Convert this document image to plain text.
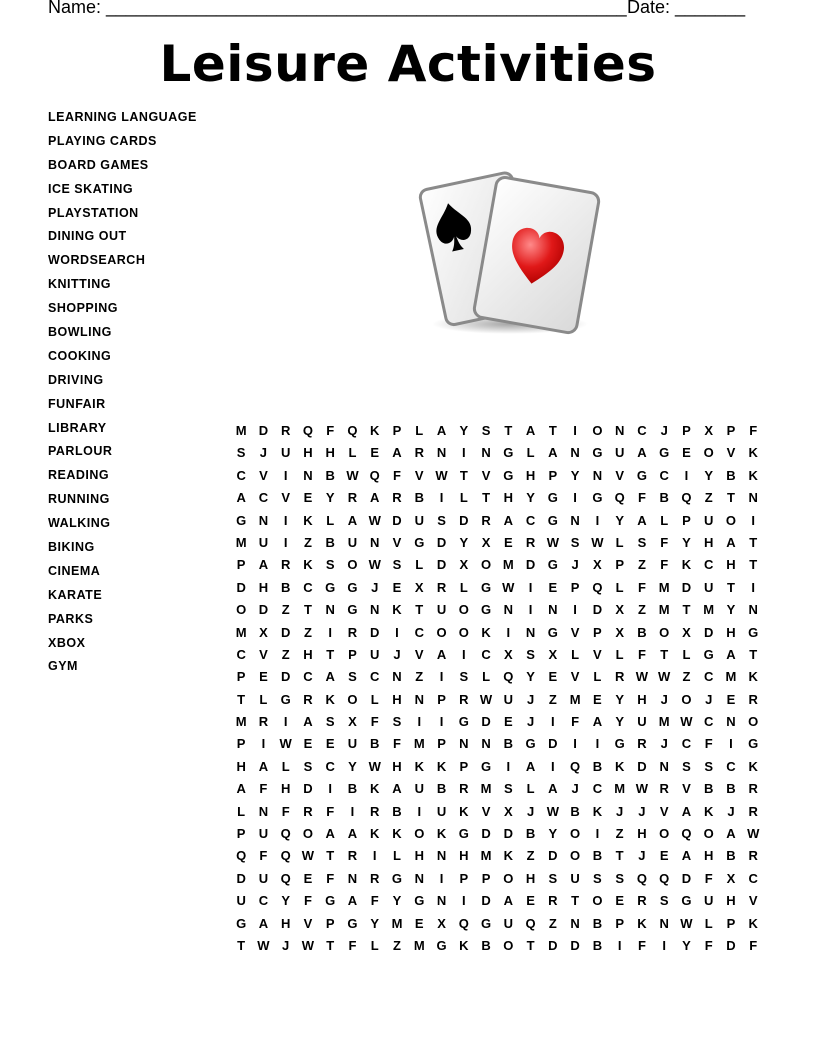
Name: ____________________________________________________ Date: _______
Leisure Activities
LEARNING LANGUAGE
PLAYING CARDS
BOARD GAMES
ICE SKATING
PLAYSTATION
DINING OUT
WORDSEARCH
KNITTING
SHOPPING
BOWLING
COOKING
DRIVING
FUNFAIR
LIBRARY
PARLOUR
READING
RUNNING
WALKING
BIKING
CINEMA
KARATE
PARKS
XBOX
GYM
M D R Q	F	Q K	P	L	A	Y	S	T	A	T	I	O N C	J	P	X	P	F
S	J	U H H	L	E	A R N	I	N G	L	A N G U A G E O V	K
C	V	I	N B W Q	F	V W T	V G H	P	Y	N	V G C	I	Y	B K
A C	V	E	Y	R A R B	I	L	T	H	Y G	I	G Q	F	B Q	Z	T	N
G N	I	K	L	A W D U	S	D R A C G N	I	Y	A	L	P	U O	I
M U	I	Z	B U N	V G D	Y	X	E	R W S W L	S	F	Y	H A	T
P	A R K	S O W S	L	D	X O M D G	J	X	P	Z	F	K C H	T
D H B C G G	J	E	X	R	L	G W	I	E	P Q	L	F M D U	T	I
O D	Z	T	N G N K	T	U O G N	I	N	I	D	X	Z M T M Y	N
M X	D	Z	I	R D	I	C O O K	I	N G V	P	X	B O X	D H G
C	V	Z	H	T	P	U	J	V	A	I	C	X	S	X	L	V	L	F	T	L	G A	T
P	E	D C A	S	C N	Z	I	S	L	Q Y	E	V	L	R W W Z	C M K
T	L	G R K O	L	H N	P	R W U	J	Z M E	Y	H	J	O	J	E	R
M R	I	A	S	X	F	S	I	I	G D	E	J	I	F	A	Y	U M W C N O
P	I	W E	E	U B	F M P	N N B G D	I	I	G R	J	C	F	I	G
H A	L	S	C	Y W H K K	P G	I	A	I	Q B K D N	S	S	C K
A	F	H D	I	B K A U B R M S	L	A	J	C M W R	V	B B R
L	N	F	R	F	I	R B	I	U K	V	X	J W B K	J	J	V	A K	J	R
P	U Q O A A K K O K G D D B	Y O	I	Z	H O Q O A W
Q	F	Q W T	R	I	L	H N H M K	Z	D O B	T	J	E	A H B R
D U Q E	F	N R G N	I	P	P O H	S	U	S	S Q Q D	F	X	C
U C	Y	F	G A	F	Y G N	I	D A	E	R	T	O E	R	S G U H	V
G A H	V	P G Y M E	X Q G U Q	Z	N B	P	K N W L	P	K
T W J W T	F	L	Z M G K B O	T	D D B	I	F	I	Y	F	D	F
